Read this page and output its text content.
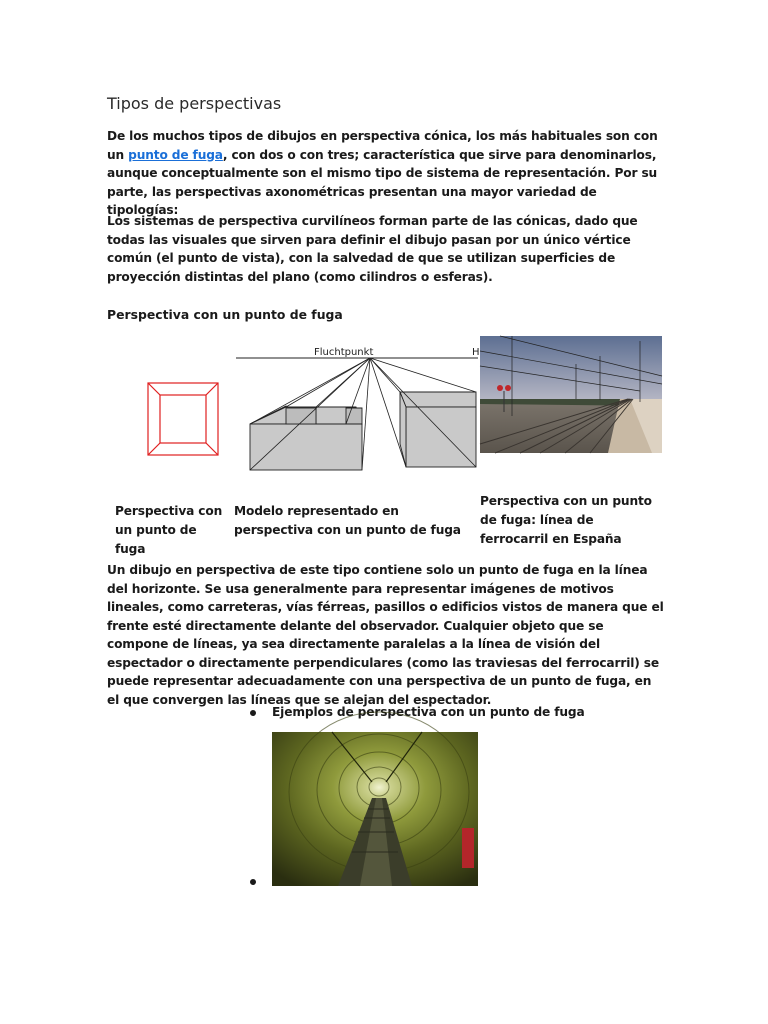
Tipos de perspectivas
De los muchos tipos de dibujos en perspectiva cónica, los más habituales son con un punto de fuga, con dos o con tres; característica que sirve para denominarlos, aunque conceptualmente son el mismo tipo de sistema de representación. Por su parte, las perspectivas axonométricas presentan una mayor variedad de tipologías:
Los sistemas de perspectiva curvilíneos forman parte de las cónicas, dado que todas las visuales que sirven para definir el dibujo pasan por un único vértice común (el punto de vista), con la salvedad de que se utilizan superficies de proyección distintas del plano (como cilindros o esferas).
Perspectiva con un punto de fuga
Fluchtpunkt	H
Perspectiva con un punto de fuga
Modelo representado en perspectiva con un punto de fuga
Perspectiva con un punto de fuga: línea de ferrocarril en España
Un dibujo en perspectiva de este tipo contiene solo un punto de fuga en la línea del horizonte. Se usa generalmente para representar imágenes de motivos lineales, como carreteras, vías férreas, pasillos o edificios vistos de manera que el frente esté directamente delante del observador. Cualquier objeto que se compone de líneas, ya sea directamente paralelas a la línea de visión del espectador o directamente perpendiculares (como las traviesas del ferrocarril) se puede representar adecuadamente con una perspectiva de un punto de fuga, en el que convergen las líneas que se alejan del espectador.
Ejemplos de perspectiva con un punto de fuga
